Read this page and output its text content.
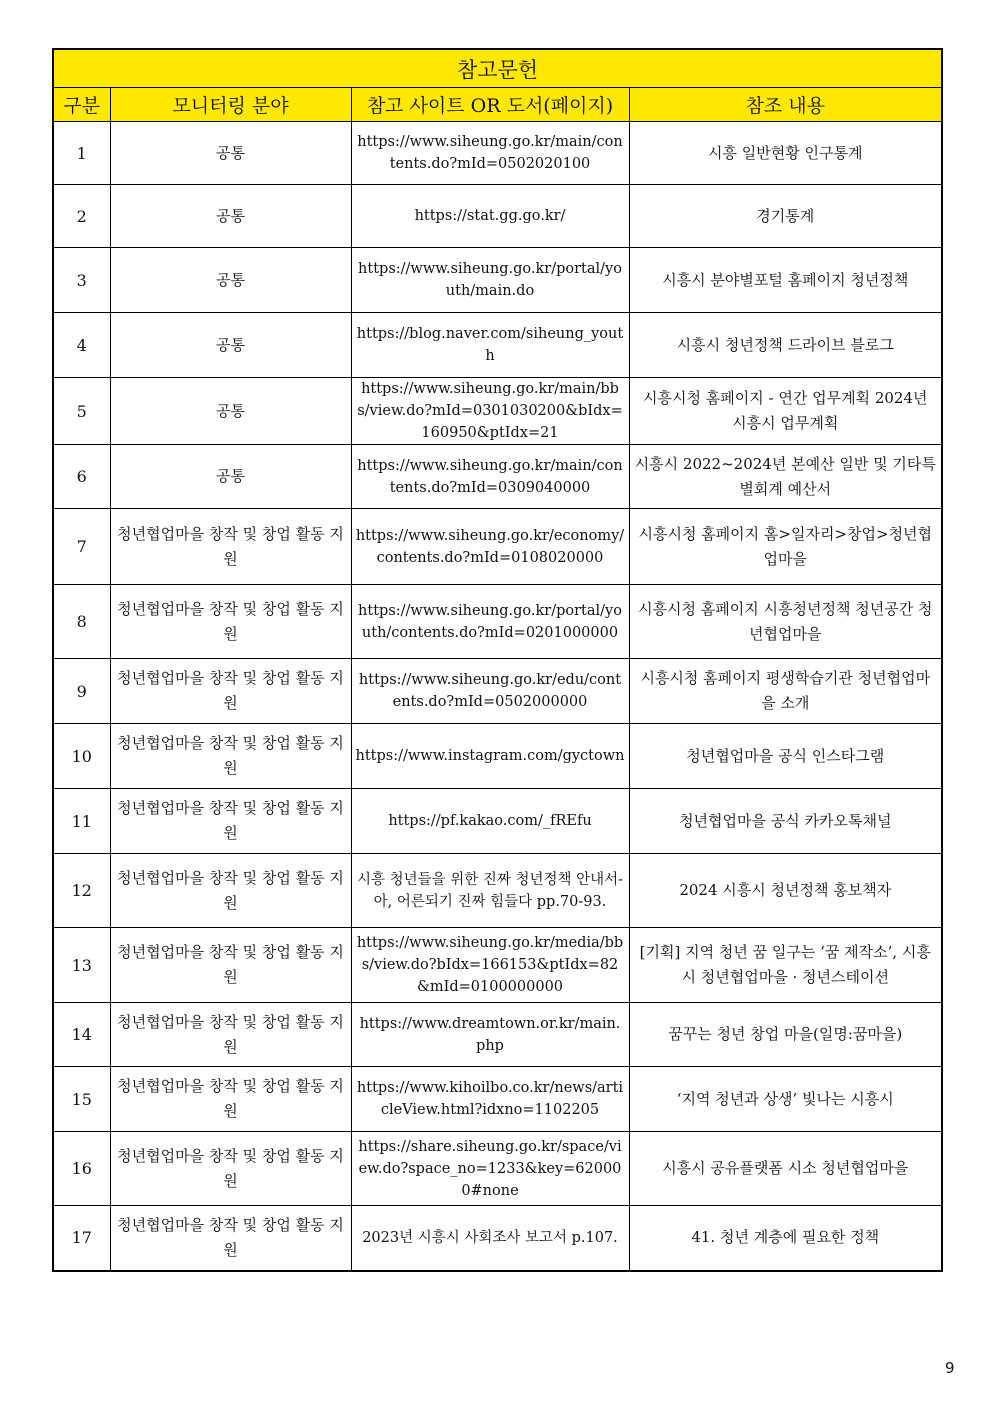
참고문헌			
구분	모니터링 분야	참고 사이트 OR 도서(페이지)	참조 내용
1	공통	https://www.siheung.go.kr/main/contents.do?mId=0502020100	시흥 일반현황 인구통계
2	공통	https://stat.gg.go.kr/	경기통계
3	공통	https://www.siheung.go.kr/portal/youth/main.do	시흥시 분야별포털 홈페이지 청년정책
4	공통	https://blog.naver.com/siheung_youth	시흥시 청년정책 드라이브 블로그
5	공통	https://www.siheung.go.kr/main/bbs/view.do?mId=0301030200&bIdx=160950&ptIdx=21	시흥시청 홈페이지 - 연간 업무계획 2024년 시흥시 업무계획
6	공통	https://www.siheung.go.kr/main/contents.do?mId=0309040000	시흥시 2022~2024년 본예산 일반 및 기타특별회계 예산서
7	청년협업마을 창작 및 창업 활동 지원	https://www.siheung.go.kr/economy/contents.do?mId=0108020000	시흥시청 홈페이지 홈>일자리>창업>청년협업마을
8	청년협업마을 창작 및 창업 활동 지원	https://www.siheung.go.kr/portal/youth/contents.do?mId=0201000000	시흥시청 홈페이지 시흥청년정책 청년공간 청년협업마을
9	청년협업마을 창작 및 창업 활동 지원	https://www.siheung.go.kr/edu/contents.do?mId=0502000000	시흥시청 홈페이지 평생학습기관 청년협업마을 소개
10	청년협업마을 창작 및 창업 활동 지원	https://www.instagram.com/gyctown	청년협업마을 공식 인스타그램
11	청년협업마을 창작 및 창업 활동 지원	https://pf.kakao.com/_fREfu	청년협업마을 공식 카카오톡채널
12	청년협업마을 창작 및 창업 활동 지원	시흥 청년들을 위한 진짜 청년정책 안내서-아, 어른되기 진짜 힘들다 pp.70-93.	2024 시흥시 청년정책 홍보책자
13	청년협업마을 창작 및 창업 활동 지원	https://www.siheung.go.kr/media/bbs/view.do?bIdx=166153&ptIdx=82&mId=0100000000	[기획] 지역 청년 꿈 일구는 ‘꿈 제작소’, 시흥시 청년협업마을 · 청년스테이션
14	청년협업마을 창작 및 창업 활동 지원	https://www.dreamtown.or.kr/main.php	꿈꾸는 청년 창업 마을(일명:꿈마을)
15	청년협업마을 창작 및 창업 활동 지원	https://www.kihoilbo.co.kr/news/articleView.html?idxno=1102205	‘지역 청년과 상생’ 빛나는 시흥시
16	청년협업마을 창작 및 창업 활동 지원	https://share.siheung.go.kr/space/view.do?space_no=1233&key=620000#none	시흥시 공유플랫폼 시소 청년협업마을
17	청년협업마을 창작 및 창업 활동 지원	2023년 시흥시 사회조사 보고서 p.107.	41. 청년 계층에 필요한 정책
9
